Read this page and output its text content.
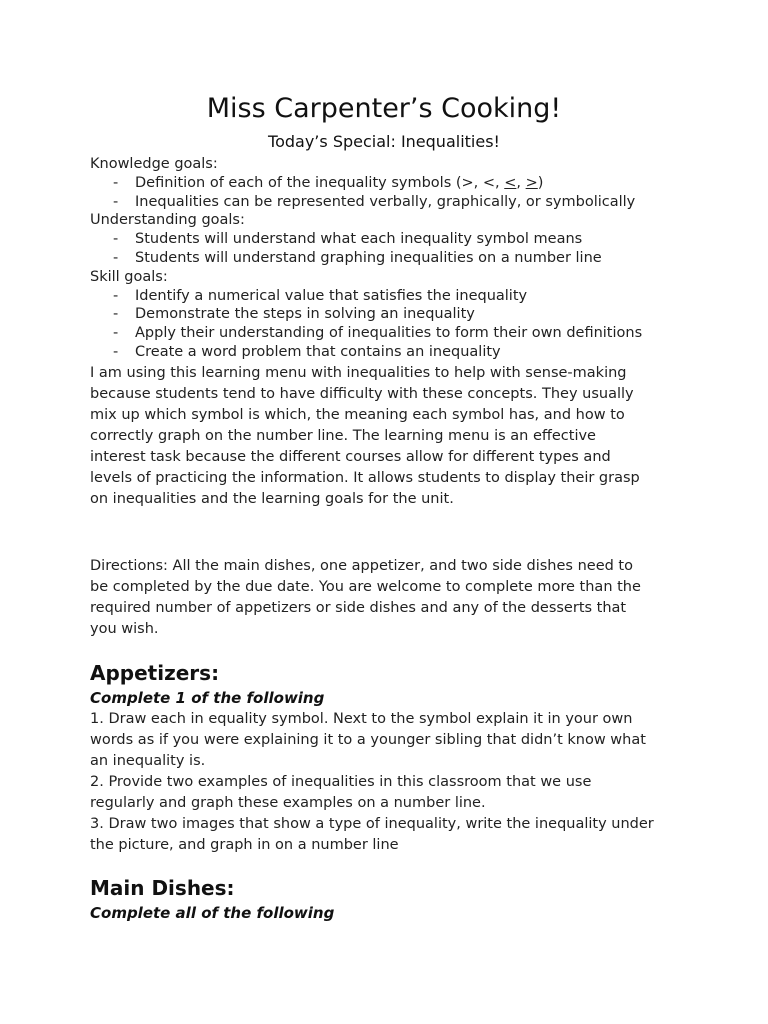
Miss Carpenter’s Cooking!
Today’s Special: Inequalities!

Knowledge goals:

- Definition of each of the inequality symbols (>, <, <, >)
- Inequalities can be represented verbally, graphically, or symbolically

Understanding goals:

- Students will understand what each inequality symbol means
- Students will understand graphing inequalities on a number line

Skill goals:

- Identify a numerical value that satisfies the inequality
- Demonstrate the steps in solving an inequality
- Apply their understanding of inequalities to form their own definitions
- Create a word problem that contains an inequality
I am using this learning menu with inequalities to help with sense-making
because students tend to have difficulty with these concepts. They usually
mix up which symbol is which, the meaning each symbol has, and how to
correctly graph on the number line. The learning menu is an effective
interest task because the different courses allow for different types and
levels of practicing the information. It allows students to display their grasp
on inequalities and the learning goals for the unit.
Directions: All the main dishes, one appetizer, and two side dishes need to
be completed by the due date. You are welcome to complete more than the
required number of appetizers or side dishes and any of the desserts that
you wish.
Appetizers:
Complete 1 of the following

1. Draw each in equality symbol. Next to the symbol explain it in your own

words as if you were explaining it to a younger sibling that didn’t know what

an inequality is.

2. Provide two examples of inequalities in this classroom that we use

regularly and graph these examples on a number line.

3. Draw two images that show a type of inequality, write the inequality under

the picture, and graph in on a number line

Main Dishes:
Complete all of the following
